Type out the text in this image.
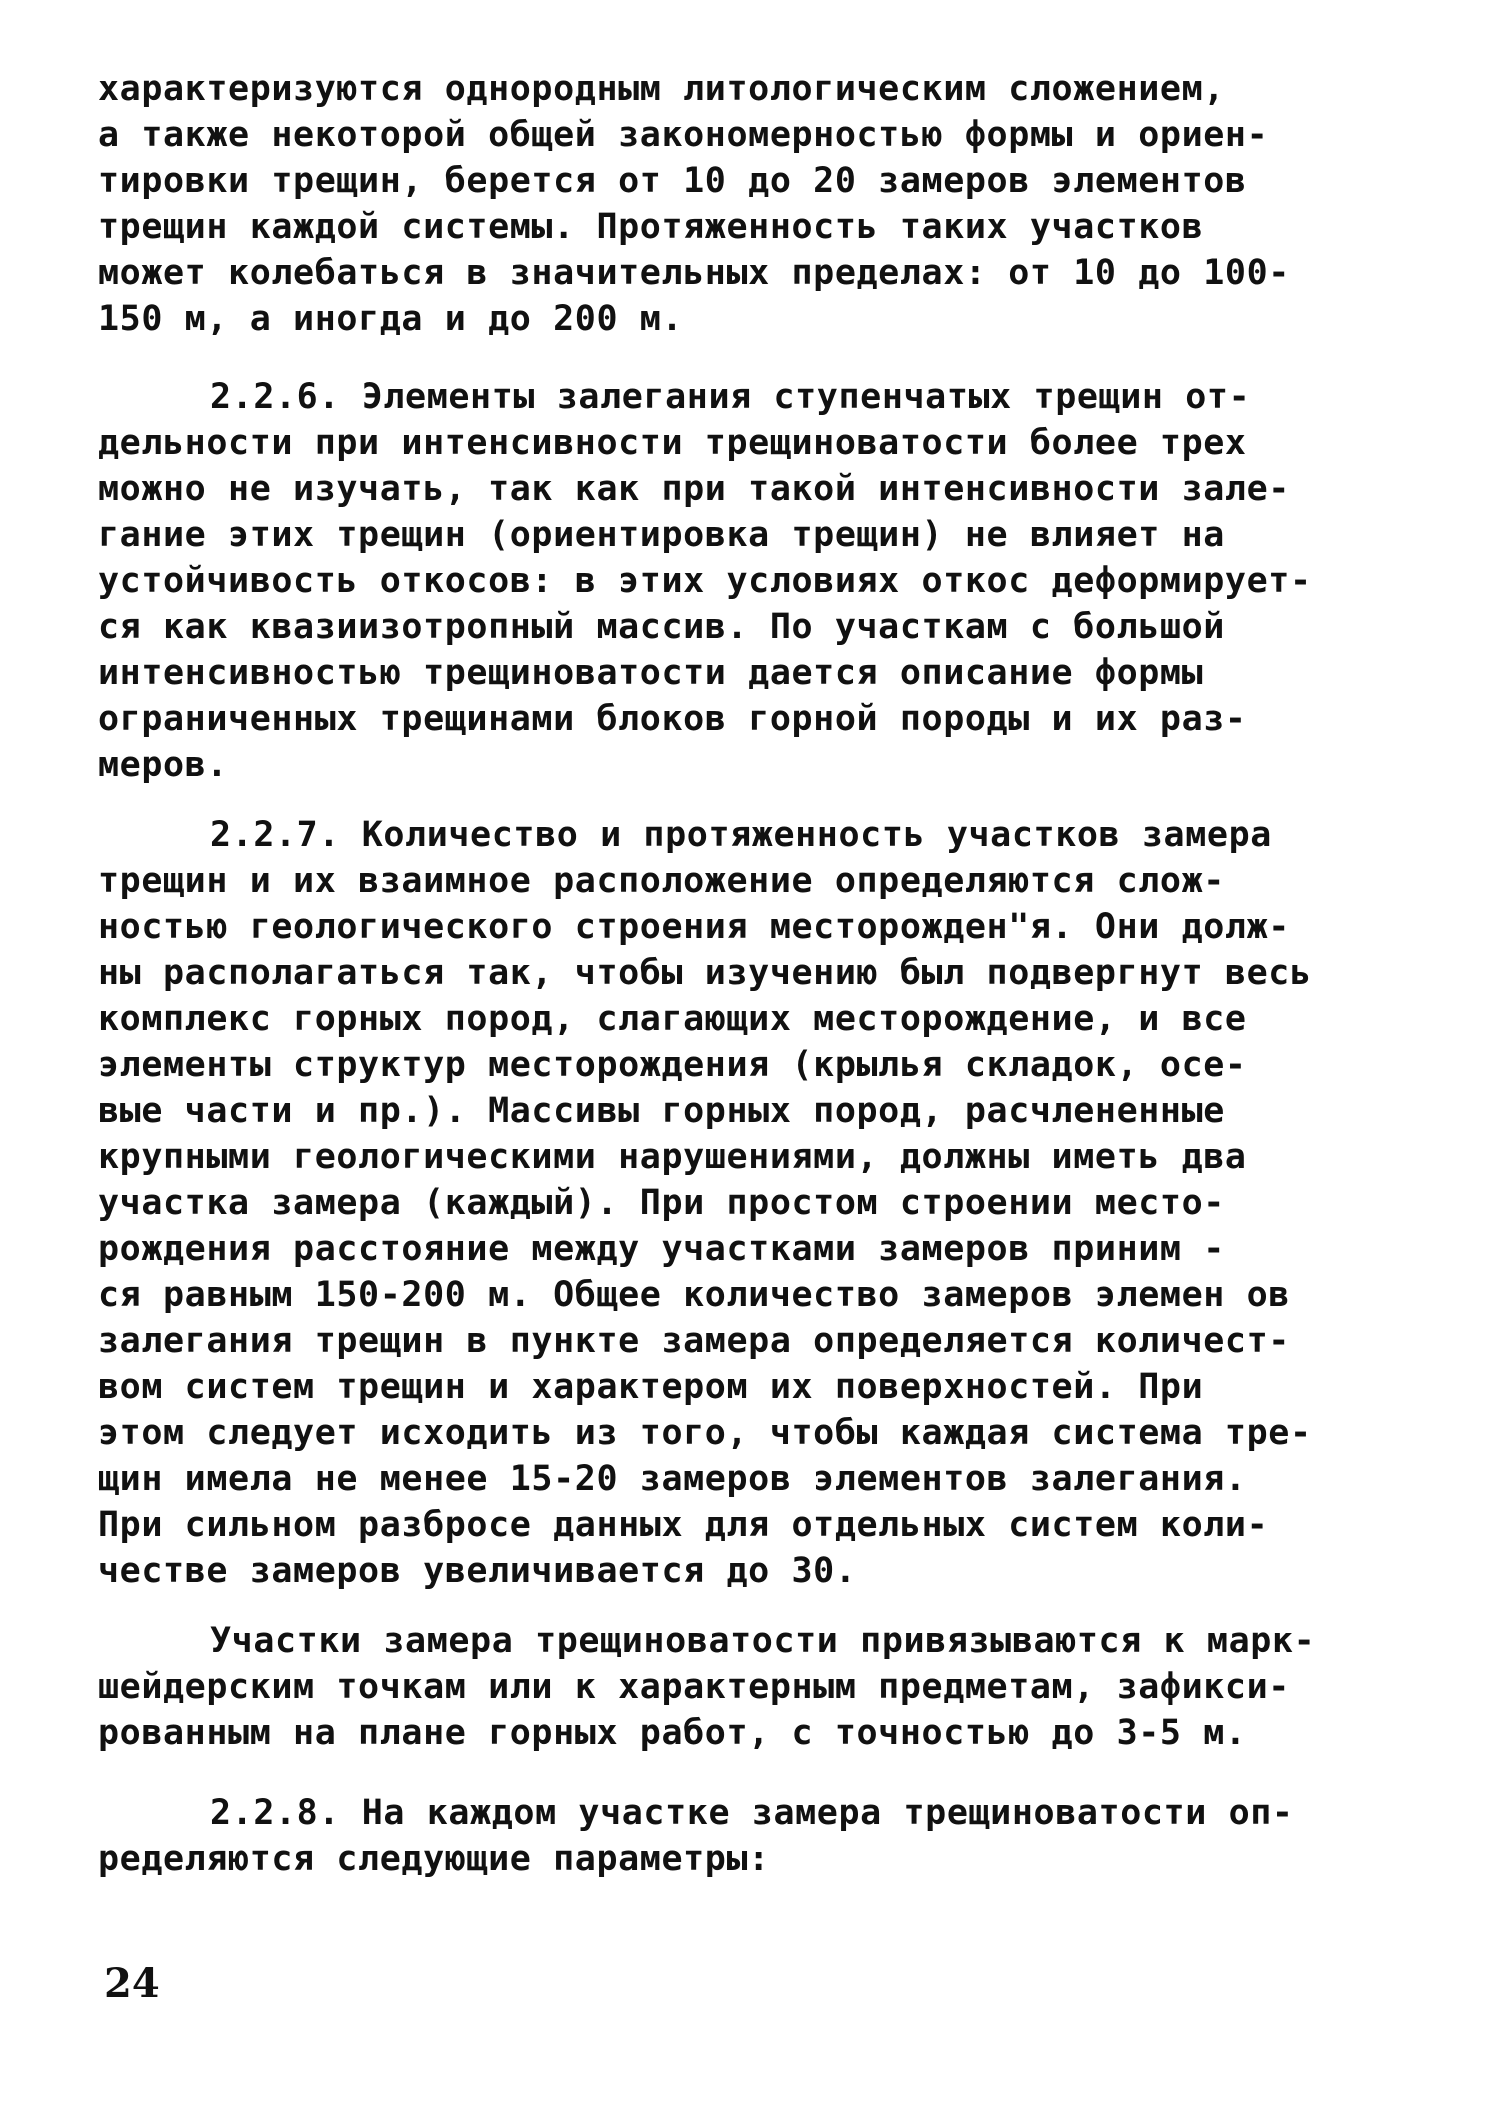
характеризуются однородным литологическим сложением,
а также некоторой общей закономерностью формы и ориен-
тировки трещин, берется от 10 до 20 замеров элементов
трещин каждой системы. Протяженность таких участков
может колебаться в значительных пределах: от 10 до 100-
150 м, а иногда и до 200 м.
2.2.6. Элементы залегания ступенчатых трещин от-
дельности при интенсивности трещиноватости более трех
можно не изучать, так как при такой интенсивности зале-
гание этих трещин (ориентировка трещин) не влияет на
устойчивость откосов: в этих условиях откос деформирует-
ся как квазиизотропный массив. По участкам с большой
интенсивностью трещиноватости дается описание формы
ограниченных трещинами блоков горной породы и их раз-
меров.
2.2.7. Количество и протяженность участков замера
трещин и их взаимное расположение определяются слож-
ностью геологического строения месторожден"я. Они долж-
ны располагаться так, чтобы изучению был подвергнут весь
комплекс горных пород, слагающих месторождение, и все
элементы структур месторождения (крылья складок, осе-
вые части и пр.). Массивы горных пород, расчлененные
крупными геологическими нарушениями, должны иметь два
участка замера (каждый). При простом строении место-
рождения расстояние между участками замеров приним -
ся равным 150-200 м. Общее количество замеров элемен ов
залегания трещин в пункте замера определяется количест-
вом систем трещин и характером их поверхностей. При
этом следует исходить из того, чтобы каждая система тре-
щин имела не менее 15-20 замеров элементов залегания.
При сильном разбросе данных для отдельных систем коли-
честве замеров увеличивается до 30.
Участки замера трещиноватости привязываются к марк-
шейдерским точкам или к характерным предметам, зафикси-
рованным на плане горных работ, с точностью до 3-5 м.
2.2.8. На каждом участке замера трещиноватости оп-
ределяются следующие параметры:
24
